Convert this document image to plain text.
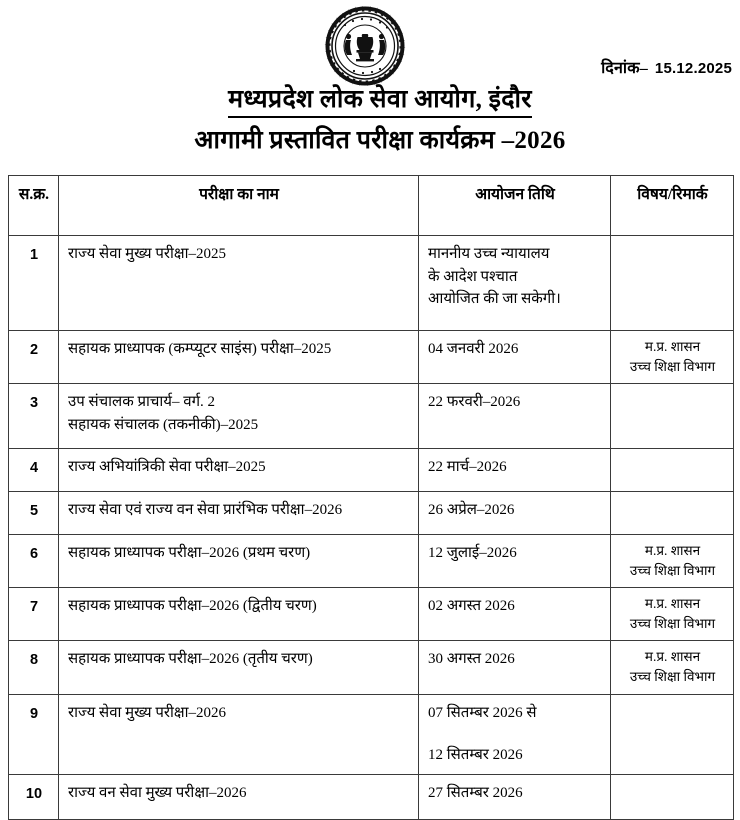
दिनांक– 15.12.2025
मध्यप्रदेश लोक सेवा आयोग, इंदौर
आगामी प्रस्तावित परीक्षा कार्यक्रम –2026
स.क्र.	परीक्षा का नाम	आयोजन तिथि	विषय/रिमार्क
1	राज्य सेवा मुख्य परीक्षा–2025	माननीय उच्च न्यायालय
के आदेश पश्चात
आयोजित की जा सकेगी।	

2	सहायक प्राध्यापक (कम्प्यूटर साइंस) परीक्षा–2025	04 जनवरी 2026	म.प्र. शासन
उच्च शिक्षा विभाग

3	उप संचालक प्राचार्य– वर्ग. 2
सहायक संचालक (तकनीकी)–2025	22 फरवरी–2026	

4	राज्य अभियांत्रिकी सेवा परीक्षा–2025	22 मार्च–2026	

5	राज्य सेवा एवं राज्य वन सेवा प्रारंभिक परीक्षा–2026	26 अप्रेल–2026	

6	सहायक प्राध्यापक परीक्षा–2026 (प्रथम चरण)	12 जुलाई–2026	म.प्र. शासन
उच्च शिक्षा विभाग

7	सहायक प्राध्यापक परीक्षा–2026 (द्वितीय चरण)	02 अगस्त 2026	म.प्र. शासन
उच्च शिक्षा विभाग

8	सहायक प्राध्यापक परीक्षा–2026 (तृतीय चरण)	30 अगस्त 2026	म.प्र. शासन
उच्च शिक्षा विभाग

9	राज्य सेवा मुख्य परीक्षा–2026	07 सितम्बर 2026 से
12 सितम्बर 2026	

10	राज्य वन सेवा मुख्य परीक्षा–2026	27 सितम्बर 2026	
